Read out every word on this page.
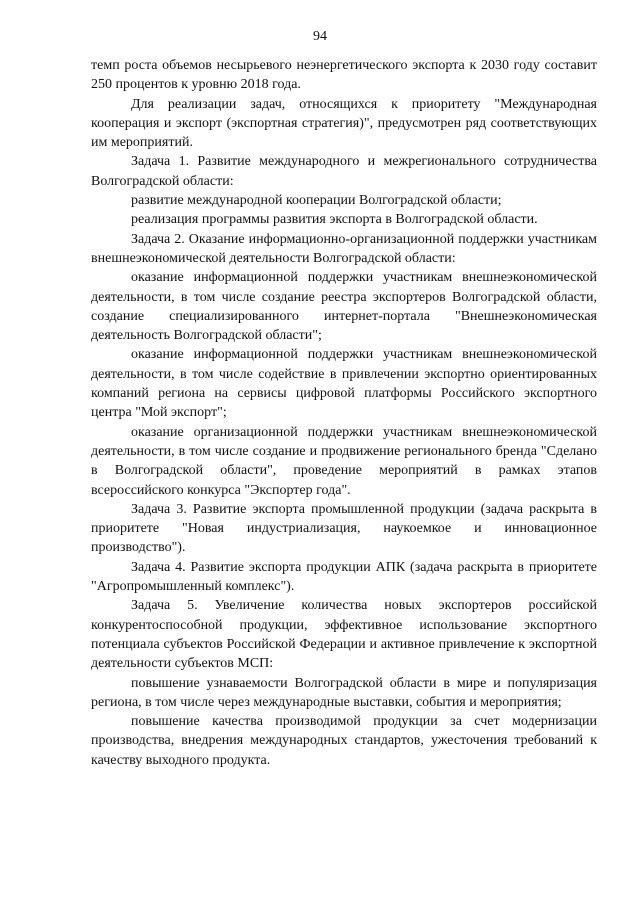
94

темп роста объемов несырьевого неэнергетического экспорта к 2030 году составит 250 процентов к уровню 2018 года.

Для реализации задач, относящихся к приоритету "Международная кооперация и экспорт (экспортная стратегия)", предусмотрен ряд соответствующих им мероприятий.

Задача 1. Развитие международного и межрегионального сотрудничества Волгоградской области:

развитие международной кооперации Волгоградской области;

реализация программы развития экспорта в Волгоградской области.

Задача 2. Оказание информационно-организационной поддержки участникам внешнеэкономической деятельности Волгоградской области:

оказание информационной поддержки участникам внешнеэкономической деятельности, в том числе создание реестра экспортеров Волгоградской области, создание специализированного интернет-портала "Внешнеэкономическая деятельность Волгоградской области";

оказание информационной поддержки участникам внешнеэкономической деятельности, в том числе содействие в привлечении экспортно ориентированных компаний региона на сервисы цифровой платформы Российского экспортного центра "Мой экспорт";

оказание организационной поддержки участникам внешнеэкономической деятельности, в том числе создание и продвижение регионального бренда "Сделано в Волгоградской области", проведение мероприятий в рамках этапов всероссийского конкурса "Экспортер года".

Задача 3. Развитие экспорта промышленной продукции (задача раскрыта в приоритете "Новая индустриализация, наукоемкое и инновационное производство").

Задача 4. Развитие экспорта продукции АПК (задача раскрыта в приоритете "Агропромышленный комплекс").

Задача 5. Увеличение количества новых экспортеров российской конкурентоспособной продукции, эффективное использование экспортного потенциала субъектов Российской Федерации и активное привлечение к экспортной деятельности субъектов МСП:

повышение узнаваемости Волгоградской области в мире и популяризация региона, в том числе через международные выставки, события и мероприятия;

повышение качества производимой продукции за счет модернизации производства, внедрения международных стандартов, ужесточения требований к качеству выходного продукта.
